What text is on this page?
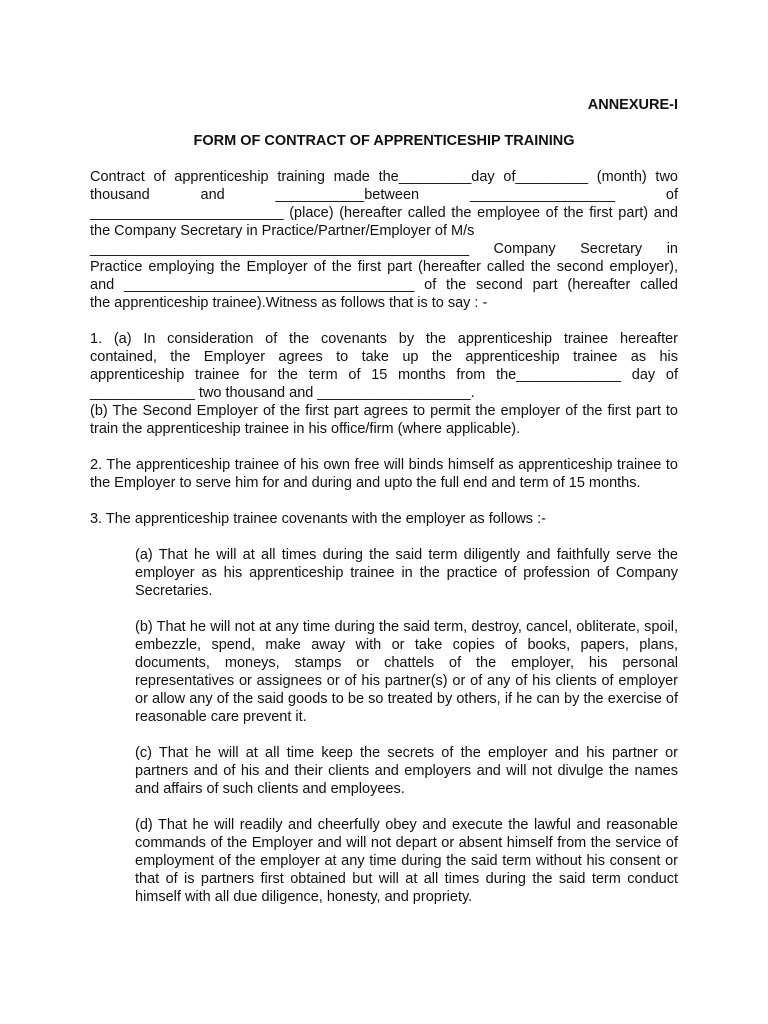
ANNEXURE-I
FORM OF CONTRACT OF APPRENTICESHIP TRAINING
Contract of apprenticeship training made the_________day of_________ (month) two
thousand and ___________between __________________ of
________________________ (place) (hereafter called the employee of the first part) and
the Company Secretary in Practice/Partner/Employer of M/s
_______________________________________________ Company Secretary in
Practice employing the Employer of the first part (hereafter called the second employer),
and ____________________________________ of the second part (hereafter called
the apprenticeship trainee).Witness as follows that is to say : -
1. (a) In consideration of the covenants by the apprenticeship trainee hereafter
contained, the Employer agrees to take up the apprenticeship trainee as his
apprenticeship trainee for the term of 15 months from the_____________ day of
_____________ two thousand and ___________________.
(b) The Second Employer of the first part agrees to permit the employer of the first part to train the apprenticeship trainee in his office/firm (where applicable).
2. The apprenticeship trainee of his own free will binds himself as apprenticeship trainee to the Employer to serve him for and during and upto the full end and term of 15 months.
3. The apprenticeship trainee covenants with the employer as follows :-
(a) That he will at all times during the said term diligently and faithfully serve the employer as his apprenticeship trainee in the practice of profession of Company Secretaries.
(b) That he will not at any time during the said term, destroy, cancel, obliterate, spoil, embezzle, spend, make away with or take copies of books, papers, plans, documents, moneys, stamps or chattels of the employer, his personal representatives or assignees or of his partner(s) or of any of his clients of employer or allow any of the said goods to be so treated by others, if he can by the exercise of reasonable care prevent it.
(c) That he will at all time keep the secrets of the employer and his partner or partners and of his and their clients and employers and will not divulge the names and affairs of such clients and employees.
(d) That he will readily and cheerfully obey and execute the lawful and reasonable commands of the Employer and will not depart or absent himself from the service of employment of the employer at any time during the said term without his consent or that of is partners first obtained but will at all times during the said term conduct himself with all due diligence, honesty, and propriety.
